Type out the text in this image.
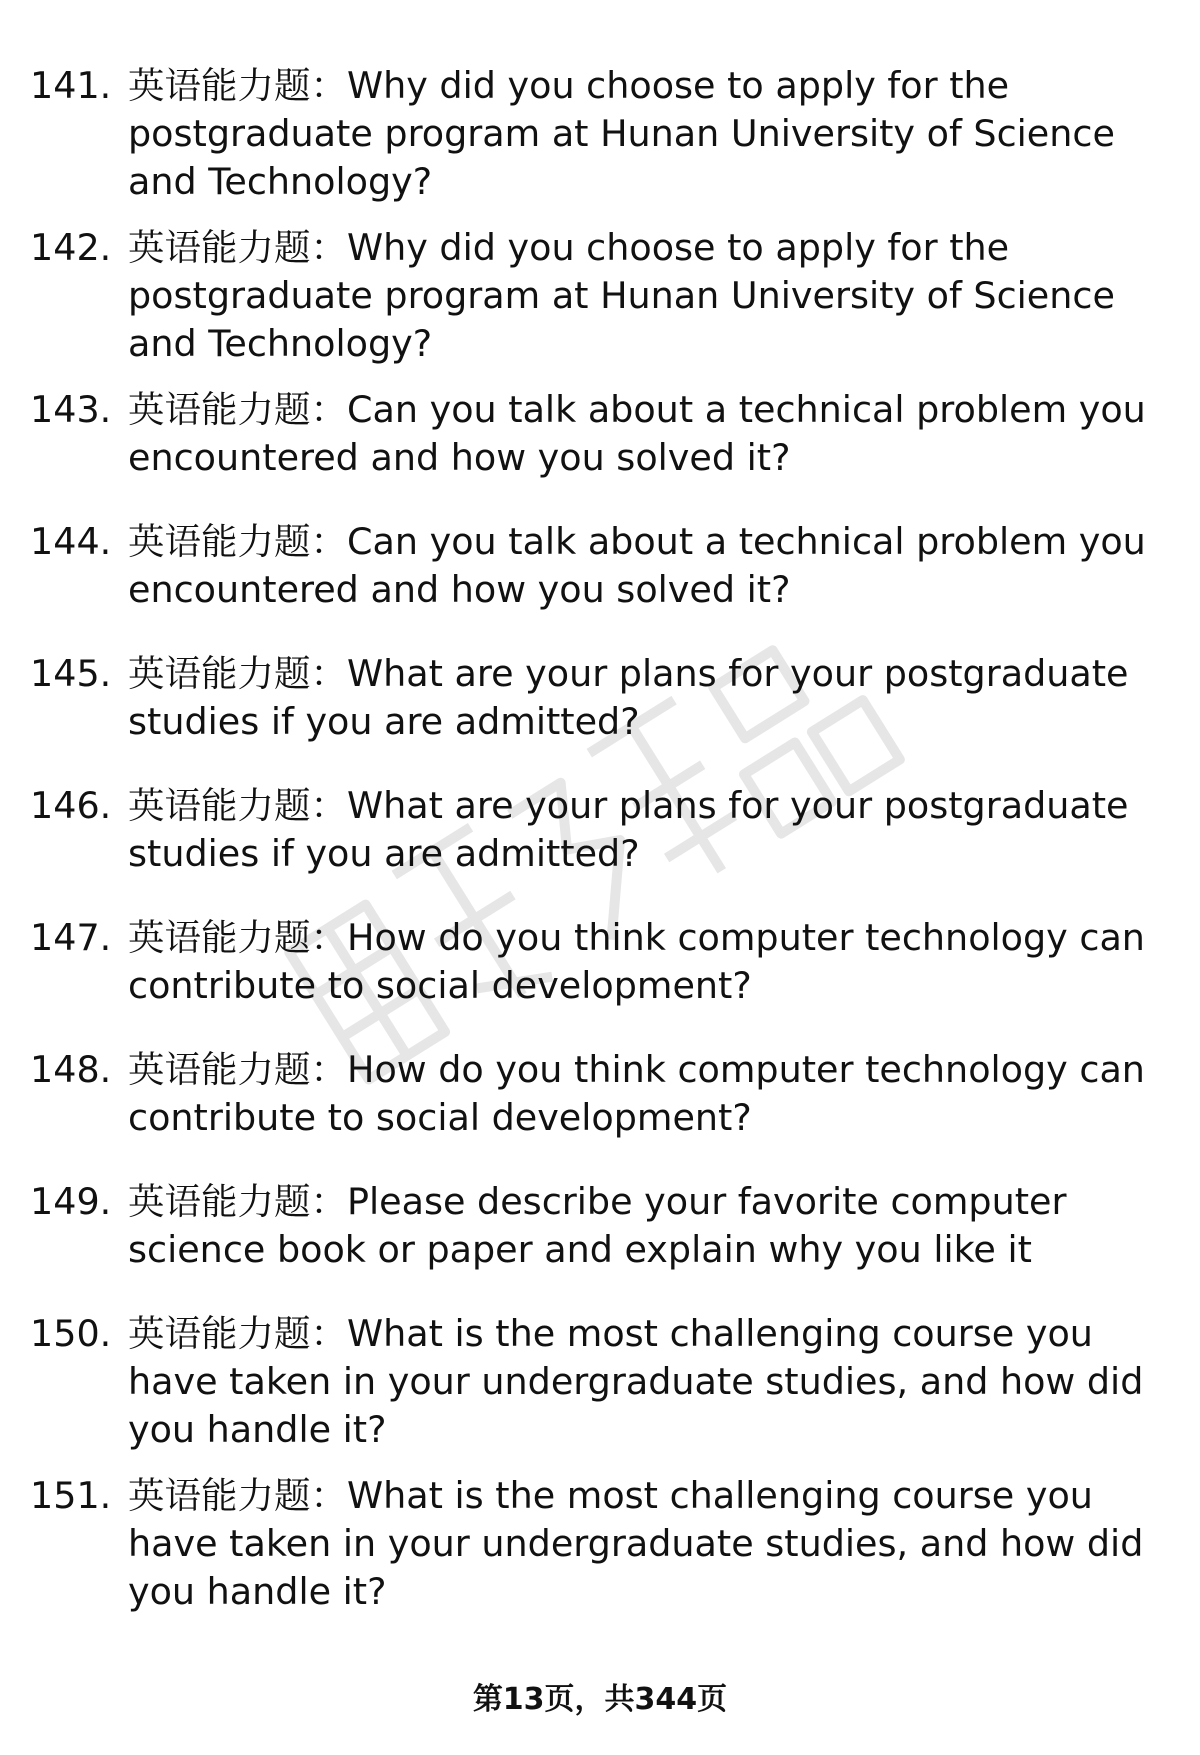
141. 英语能力题：Why did you choose to apply for the postgraduate program at Hunan University of Science and Technology?
142. 英语能力题：Why did you choose to apply for the postgraduate program at Hunan University of Science and Technology?
143. 英语能力题：Can you talk about a technical problem you encountered and how you solved it?
144. 英语能力题：Can you talk about a technical problem you encountered and how you solved it?
145. 英语能力题：What are your plans for your postgraduate studies if you are admitted?
146. 英语能力题：What are your plans for your postgraduate studies if you are admitted?
147. 英语能力题：How do you think computer technology can contribute to social development?
148. 英语能力题：How do you think computer technology can contribute to social development?
149. 英语能力题：Please describe your favorite computer science book or paper and explain why you like it
150. 英语能力题：What is the most challenging course you have taken in your undergraduate studies, and how did you handle it?
151. 英语能力题：What is the most challenging course you have taken in your undergraduate studies, and how did you handle it?
第13页，共344页
